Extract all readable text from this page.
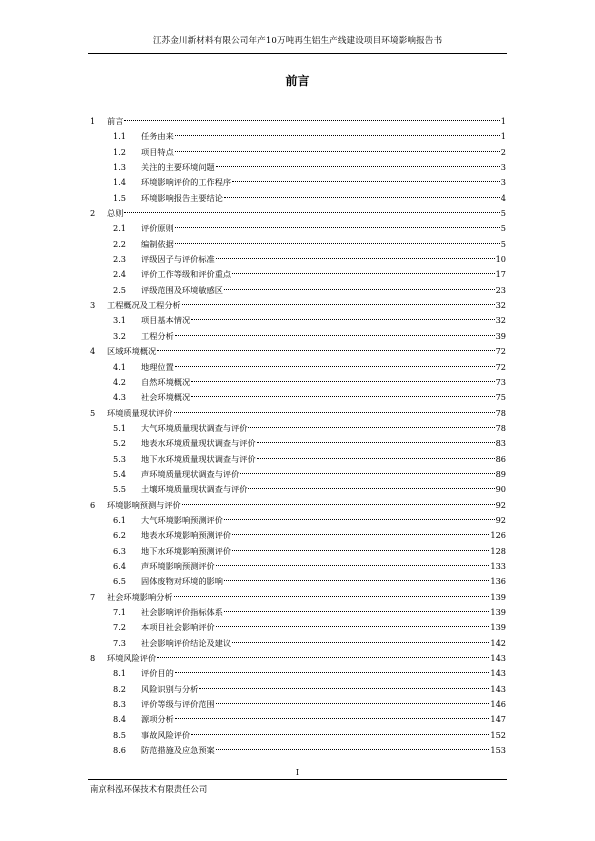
江苏金川新材料有限公司年产10万吨再生铝生产线建设项目环境影响报告书
前言
1 前言	1
1.1 任务由来	1
1.2 项目特点	2
1.3 关注的主要环境问题	3
1.4 环境影响评价的工作程序	3
1.5 环境影响报告主要结论	4
2 总则	5
2.1 评价原则	5
2.2 编制依据	5
2.3 评级因子与评价标准	10
2.4 评价工作等级和评价重点	17
2.5 评级范围及环境敏感区	23
3 工程概况及工程分析	32
3.1 项目基本情况	32
3.2 工程分析	39
4 区域环境概况	72
4.1 地理位置	72
4.2 自然环境概况	73
4.3 社会环境概况	75
5 环境质量现状评价	78
5.1 大气环境质量现状调查与评价	78
5.2 地表水环境质量现状调查与评价	83
5.3 地下水环境质量现状调查与评价	86
5.4 声环境质量现状调查与评价	89
5.5 土壤环境质量现状调查与评价	90
6 环境影响预测与评价	92
6.1 大气环境影响预测评价	92
6.2 地表水环境影响预测评价	126
6.3 地下水环境影响预测评价	128
6.4 声环境影响预测评价	133
6.5 固体废物对环境的影响	136
7 社会环境影响分析	139
7.1 社会影响评价指标体系	139
7.2 本项目社会影响评价	139
7.3 社会影响评价结论及建议	142
8 环境风险评价	143
8.1 评价目的	143
8.2 风险识别与分析	143
8.3 评价等级与评价范围	146
8.4 源项分析	147
8.5 事故风险评价	152
8.6 防范措施及应急预案	153
I
南京科泓环保技术有限责任公司
